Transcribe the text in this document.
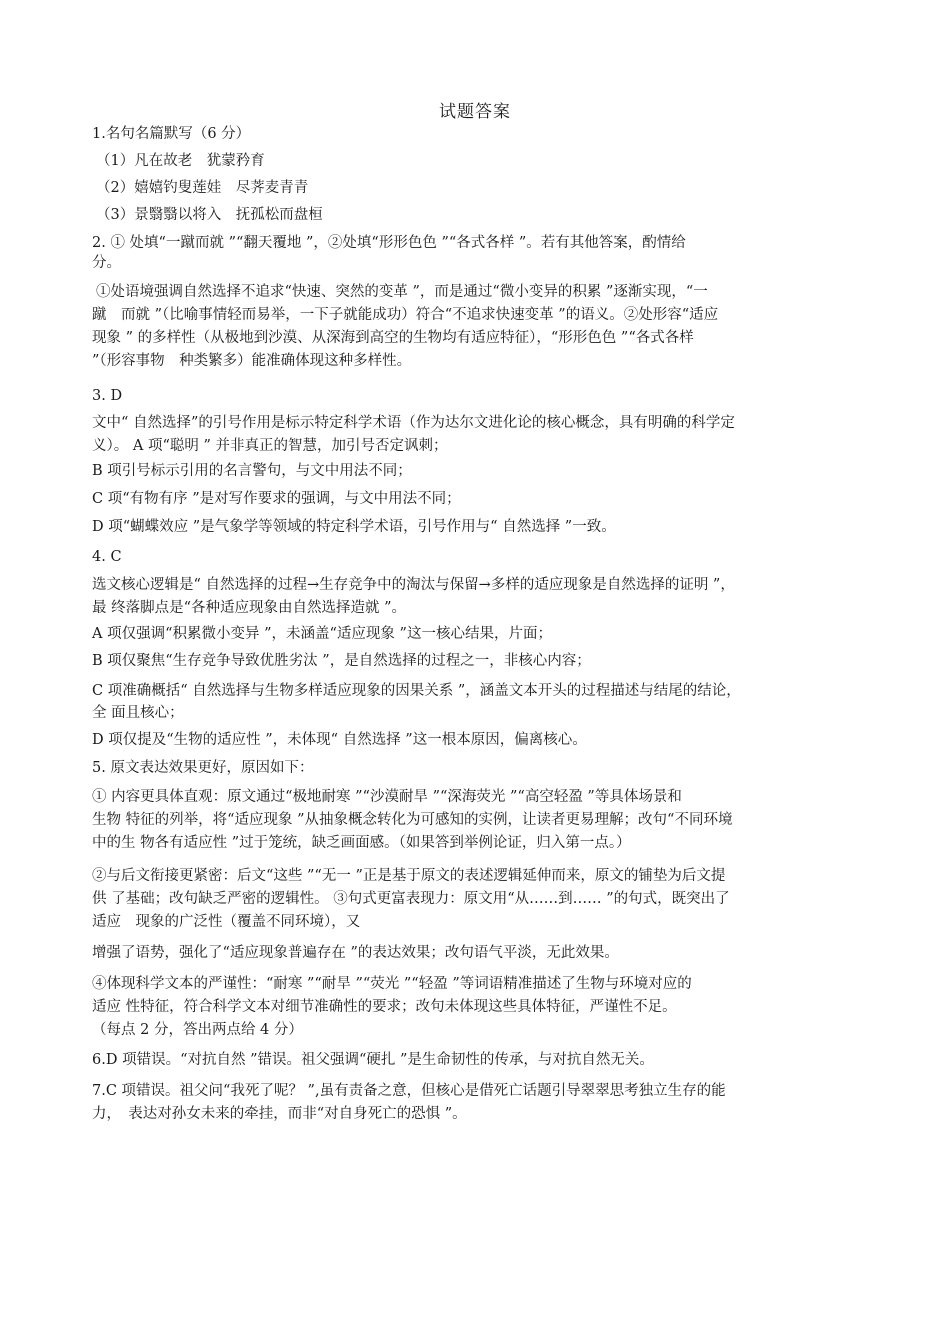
试题答案
1.名句名篇默写（6 分）
（1）凡在故老　犹蒙矜育
（2）嬉嬉钓叟莲娃　尽荠麦青青
（3）景翳翳以将入　抚孤松而盘桓
2. ① 处填“一蹴而就 ”“翻天覆地 ”，②处填“形形色色 ”“各式各样 ”。若有其他答案，酌情给
分。
①处语境强调自然选择不追求“快速、突然的变革 ”，而是通过“微小变异的积累 ”逐渐实现，“一
蹴　而就 ”（比喻事情轻而易举，一下子就能成功）符合“不追求快速变革 ”的语义。②处形容“适应
现象 ” 的多样性（从极地到沙漠、从深海到高空的生物均有适应特征），“形形色色 ”“各式各样
”（形容事物　种类繁多）能准确体现这种多样性。
3. D
文中“ 自然选择”的引号作用是标示特定科学术语（作为达尔文进化论的核心概念，具有明确的科学定
义）。 A 项“聪明 ” 并非真正的智慧，加引号否定讽刺；
B 项引号标示引用的名言警句，与文中用法不同；
C 项“有物有序 ”是对写作要求的强调，与文中用法不同；
D 项“蝴蝶效应 ”是气象学等领域的特定科学术语，引号作用与“ 自然选择 ”一致。
4. C
选文核心逻辑是“ 自然选择的过程→生存竞争中的淘汰与保留→多样的适应现象是自然选择的证明 ”，
最 终落脚点是“各种适应现象由自然选择造就 ”。
A 项仅强调“积累微小变异 ”，未涵盖“适应现象 ”这一核心结果，片面；
B 项仅聚焦“生存竞争导致优胜劣汰 ”，是自然选择的过程之一，非核心内容；
C 项准确概括“ 自然选择与生物多样适应现象的因果关系 ”，涵盖文本开头的过程描述与结尾的结论，
全 面且核心；
D 项仅提及“生物的适应性 ”，未体现“ 自然选择 ”这一根本原因，偏离核心。
5. 原文表达效果更好，原因如下：
① 内容更具体直观：原文通过“极地耐寒 ”“沙漠耐旱 ”“深海荧光 ”“高空轻盈 ”等具体场景和
生物 特征的列举，将“适应现象 ”从抽象概念转化为可感知的实例，让读者更易理解；改句“不同环境
中的生 物各有适应性 ”过于笼统，缺乏画面感。（如果答到举例论证，归入第一点。）
②与后文衔接更紧密：后文“这些 ”“无一 ”正是基于原文的表述逻辑延伸而来，原文的铺垫为后文提
供 了基础；改句缺乏严密的逻辑性。 ③句式更富表现力：原文用“从……到…… ”的句式，既突出了
适应　现象的广泛性（覆盖不同环境），又
增强了语势，强化了“适应现象普遍存在 ”的表达效果；改句语气平淡，无此效果。
④体现科学文本的严谨性：“耐寒 ”“耐旱 ”“荧光 ”“轻盈 ”等词语精准描述了生物与环境对应的
适应 性特征，符合科学文本对细节准确性的要求；改句未体现这些具体特征，严谨性不足。
（每点 2 分，答出两点给 4 分）
6.D 项错误。“对抗自然 ”错误。祖父强调“硬扎 ”是生命韧性的传承，与对抗自然无关。
7.C 项错误。祖父问“我死了呢？ ”,虽有责备之意，但核心是借死亡话题引导翠翠思考独立生存的能
力，　表达对孙女未来的牵挂，而非“对自身死亡的恐惧 ”。
